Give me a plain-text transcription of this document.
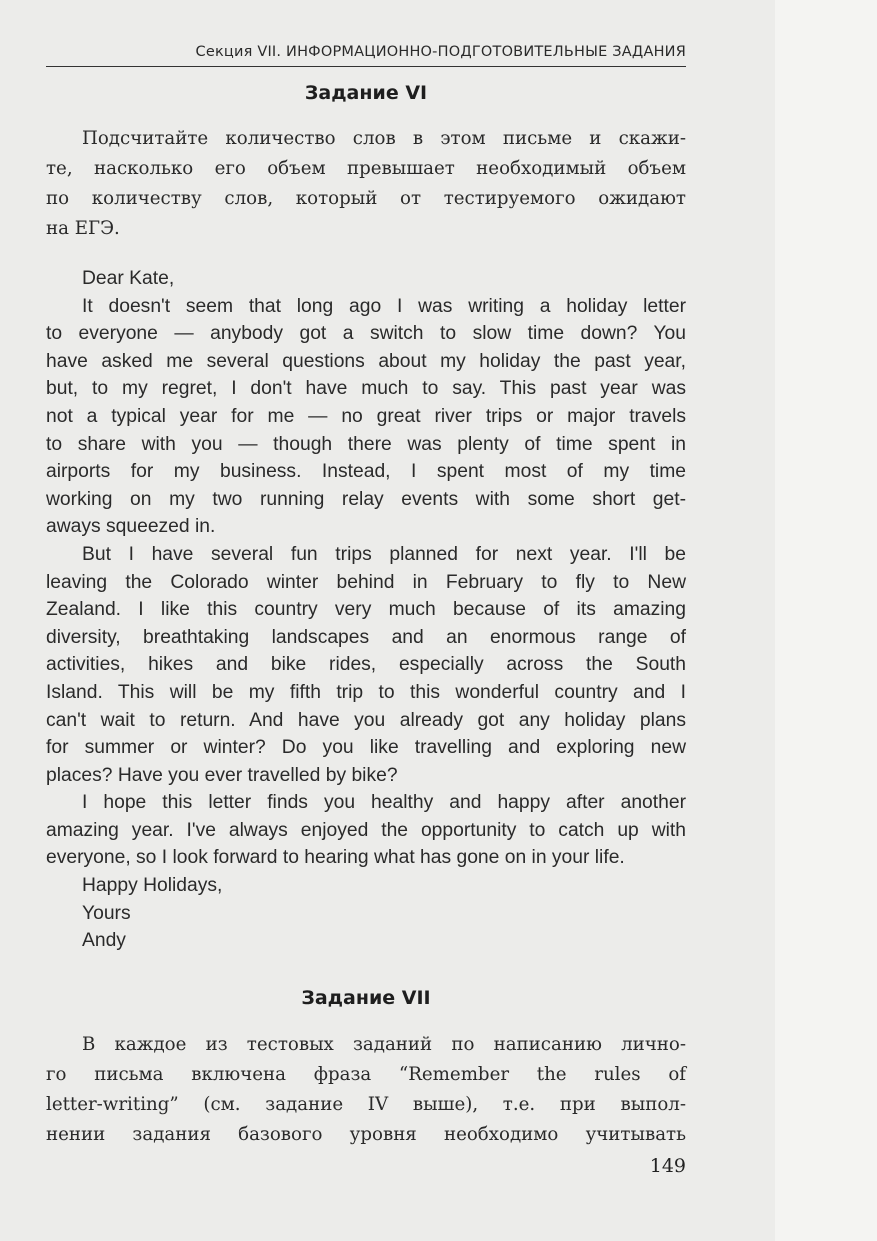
Секция VII. ИНФОРМАЦИОННО-ПОДГОТОВИТЕЛЬНЫЕ ЗАДАНИЯ
Задание VI
Подсчитайте количество слов в этом письме и скажи-
те, насколько его объем превышает необходимый объем
по количеству слов, который от тестируемого ожидают
на ЕГЭ.
Dear Kate,
It doesn't seem that long ago I was writing a holiday letter
to everyone — anybody got a switch to slow time down? You
have asked me several questions about my holiday the past year,
but, to my regret, I don't have much to say. This past year was
not a typical year for me — no great river trips or major travels
to share with you — though there was plenty of time spent in
airports for my business. Instead, I spent most of my time
working on my two running relay events with some short get-
aways squeezed in.
But I have several fun trips planned for next year. I'll be
leaving the Colorado winter behind in February to fly to New
Zealand. I like this country very much because of its amazing
diversity, breathtaking landscapes and an enormous range of
activities, hikes and bike rides, especially across the South
Island. This will be my fifth trip to this wonderful country and I
can't wait to return. And have you already got any holiday plans
for summer or winter? Do you like travelling and exploring new
places? Have you ever travelled by bike?
I hope this letter finds you healthy and happy after another
amazing year. I've always enjoyed the opportunity to catch up with
everyone, so I look forward to hearing what has gone on in your life.
Happy Holidays,
Yours
Andy
Задание VII
В каждое из тестовых заданий по написанию лично-
го письма включена фраза “Remember the rules of
letter-writing” (см. задание IV выше), т.е. при выпол-
нении задания базового уровня необходимо учитывать
149
